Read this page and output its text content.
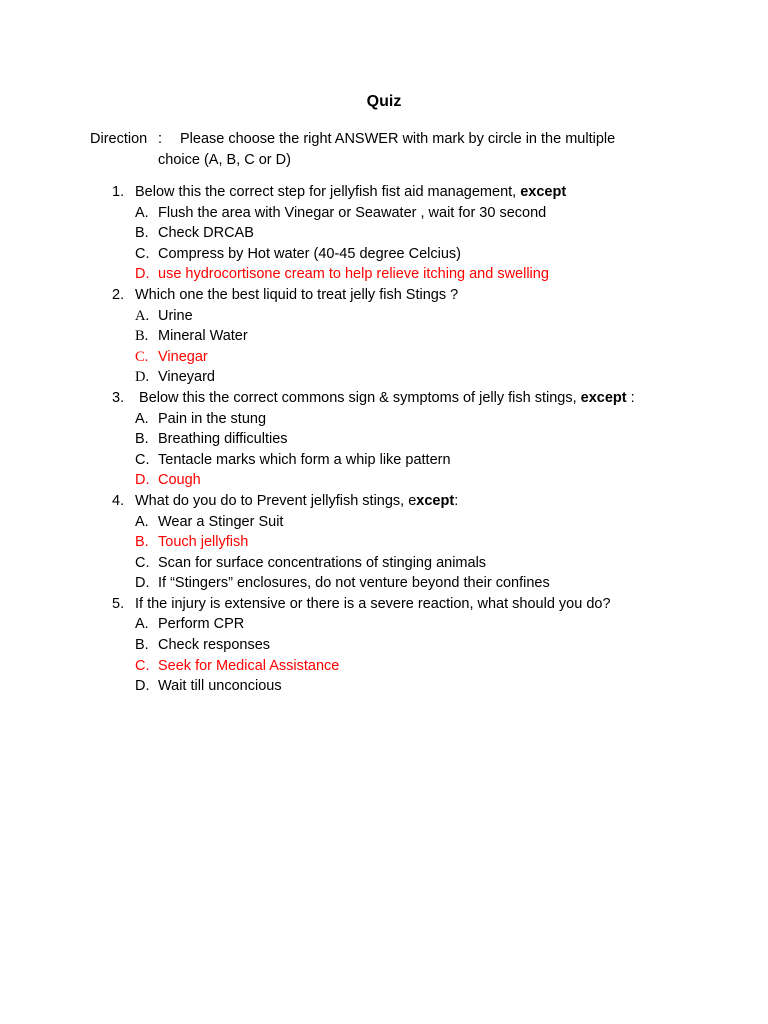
Quiz
Direction : Please choose the right ANSWER with mark by circle in the multiple
choice (A, B, C or D)
1. Below this the correct step for jellyfish fist aid management, except
A. Flush the area with Vinegar or Seawater , wait for 30 second
B. Check DRCAB
C. Compress by Hot water (40-45 degree Celcius)
D. use hydrocortisone cream to help relieve itching and swelling
2. Which one the best liquid to treat jelly fish Stings ?
A. Urine
B. Mineral Water
C. Vinegar
D. Vineyard
3. Below this the correct commons sign & symptoms of jelly fish stings, except :
A. Pain in the stung
B. Breathing difficulties
C. Tentacle marks which form a whip like pattern
D. Cough
4. What do you do to Prevent jellyfish stings, except:
A. Wear a Stinger Suit
B. Touch jellyfish
C. Scan for surface concentrations of stinging animals
D. If “Stingers” enclosures, do not venture beyond their confines
5. If the injury is extensive or there is a severe reaction, what should you do?
A. Perform CPR
B. Check responses
C. Seek for Medical Assistance
D. Wait till unconcious
